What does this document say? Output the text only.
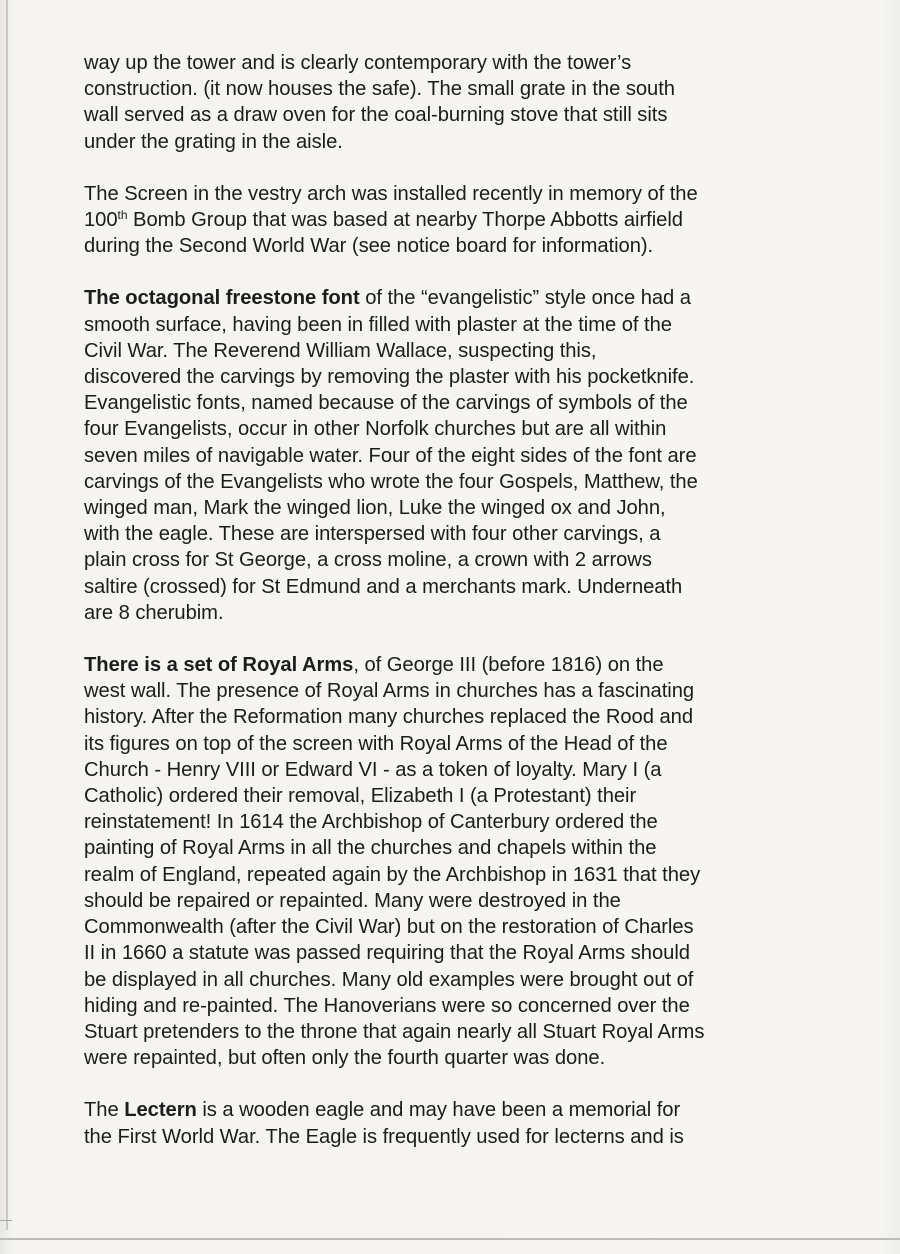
way up the tower and is clearly contemporary with the tower’s
construction. (it now houses the safe). The small grate in the south
wall served as a draw oven for the coal-burning stove that still sits
under the grating in the aisle.

The Screen in the vestry arch was installed recently in memory of the
100th Bomb Group that was based at nearby Thorpe Abbotts airfield
during the Second World War (see notice board for information).

The octagonal freestone font of the “evangelistic” style once had a
smooth surface, having been in filled with plaster at the time of the
Civil War. The Reverend William Wallace, suspecting this,
discovered the carvings by removing the plaster with his pocketknife.
Evangelistic fonts, named because of the carvings of symbols of the
four Evangelists, occur in other Norfolk churches but are all within
seven miles of navigable water. Four of the eight sides of the font are
carvings of the Evangelists who wrote the four Gospels, Matthew, the
winged man, Mark the winged lion, Luke the winged ox and John,
with the eagle. These are interspersed with four other carvings, a
plain cross for St George, a cross moline, a crown with 2 arrows
saltire (crossed) for St Edmund and a merchants mark. Underneath
are 8 cherubim.

There is a set of Royal Arms, of George III (before 1816) on the
west wall. The presence of Royal Arms in churches has a fascinating
history. After the Reformation many churches replaced the Rood and
its figures on top of the screen with Royal Arms of the Head of the
Church - Henry VIII or Edward VI - as a token of loyalty. Mary I (a
Catholic) ordered their removal, Elizabeth I (a Protestant) their
reinstatement! In 1614 the Archbishop of Canterbury ordered the
painting of Royal Arms in all the churches and chapels within the
realm of England, repeated again by the Archbishop in 1631 that they
should be repaired or repainted. Many were destroyed in the
Commonwealth (after the Civil War) but on the restoration of Charles
II in 1660 a statute was passed requiring that the Royal Arms should
be displayed in all churches. Many old examples were brought out of
hiding and re-painted. The Hanoverians were so concerned over the
Stuart pretenders to the throne that again nearly all Stuart Royal Arms
were repainted, but often only the fourth quarter was done.

The Lectern is a wooden eagle and may have been a memorial for
the First World War. The Eagle is frequently used for lecterns and is
